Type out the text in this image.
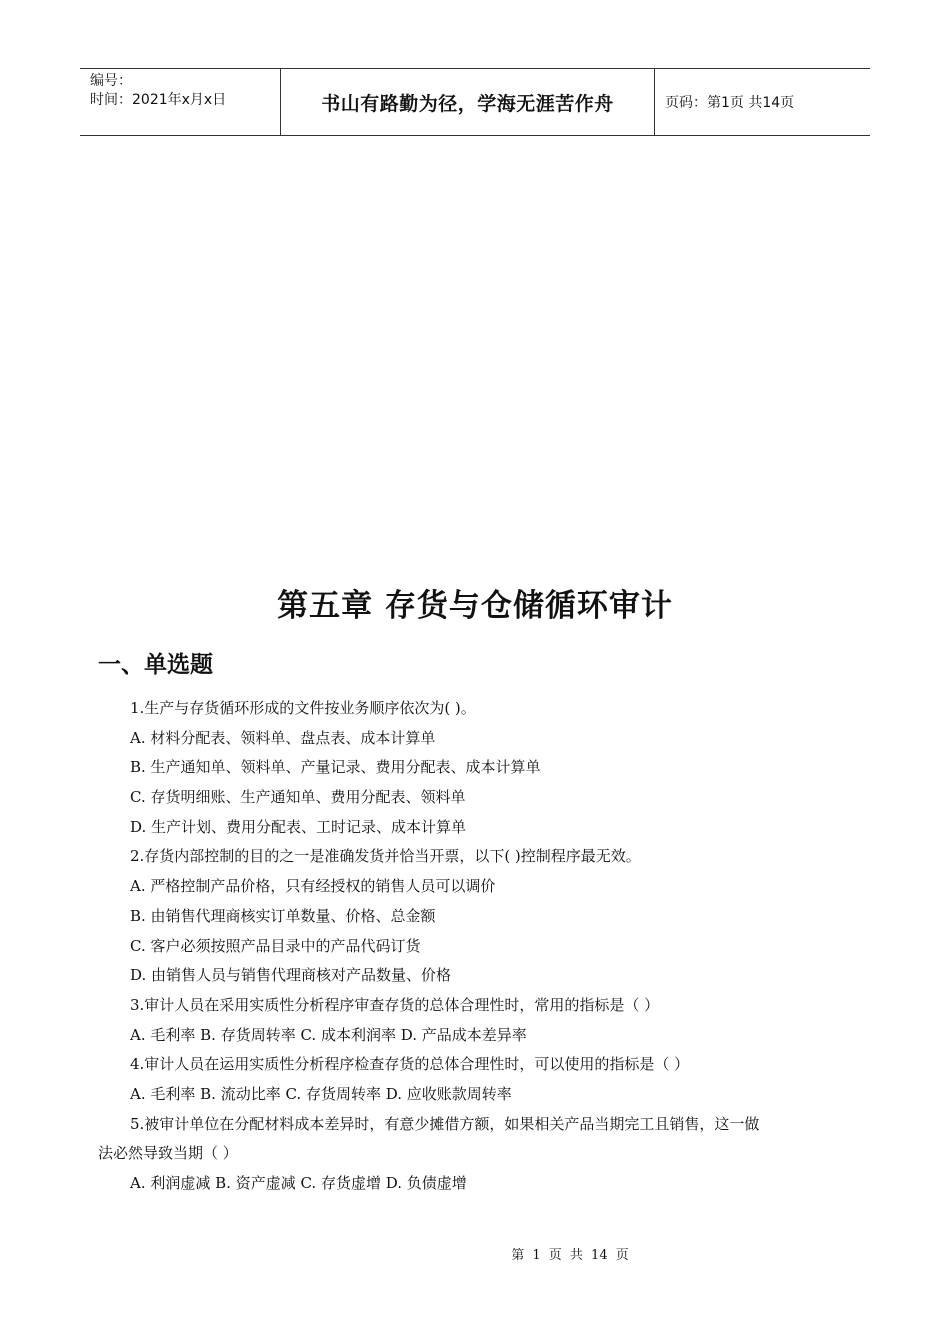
编号：
时间：2021年x月x日	书山有路勤为径，学海无涯苦作舟	页码：第1页 共14页
第五章 存货与仓储循环审计
一、单选题
1.生产与存货循环形成的文件按业务顺序依次为( )。
A. 材料分配表、领料单、盘点表、成本计算单
B. 生产通知单、领料单、产量记录、费用分配表、成本计算单
C. 存货明细账、生产通知单、费用分配表、领料单
D. 生产计划、费用分配表、工时记录、成本计算单
2.存货内部控制的目的之一是准确发货并恰当开票，以下( )控制程序最无效。
A. 严格控制产品价格，只有经授权的销售人员可以调价
B. 由销售代理商核实订单数量、价格、总金额
C. 客户必须按照产品目录中的产品代码订货
D. 由销售人员与销售代理商核对产品数量、价格
3.审计人员在采用实质性分析程序审查存货的总体合理性时，常用的指标是（ ）
A. 毛利率 B. 存货周转率 C. 成本利润率 D. 产品成本差异率
4.审计人员在运用实质性分析程序检查存货的总体合理性时，可以使用的指标是（ ）
A. 毛利率 B. 流动比率 C. 存货周转率 D. 应收账款周转率
5.被审计单位在分配材料成本差异时，有意少摊借方额，如果相关产品当期完工且销售，这一做
法必然导致当期（ ）
A. 利润虚减 B. 资产虚减 C. 存货虚增 D. 负债虚增
第 1 页 共 14 页
